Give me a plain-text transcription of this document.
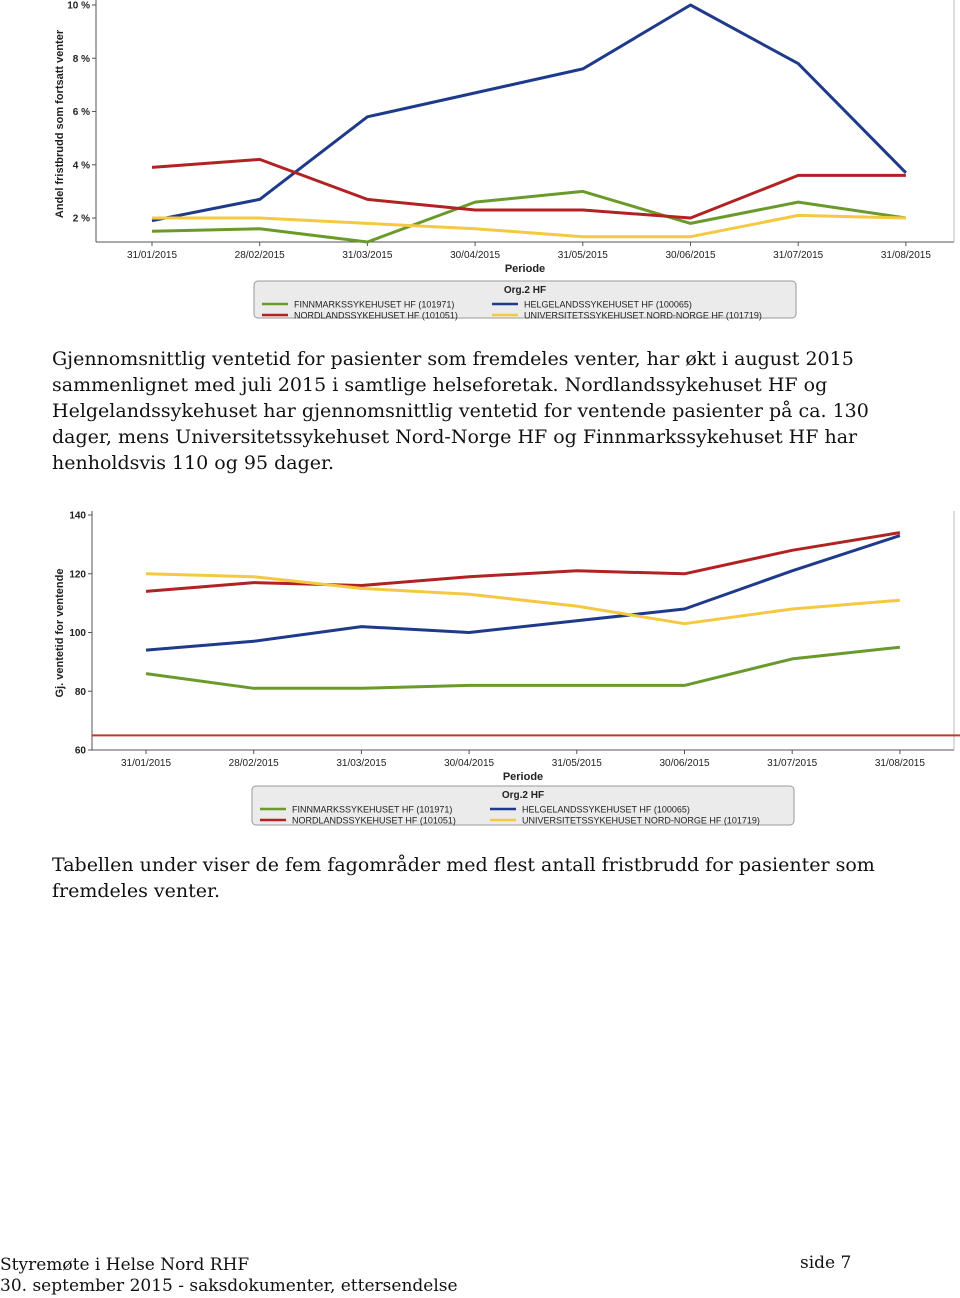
2 %
4 %
6 %
8 %
10 %
31/01/2015	28/02/2015	31/03/2015	30/04/2015	31/05/2015	30/06/2015	31/07/2015	31/08/2015
Periode
Andel fristbrudd som fortsatt venter
Org.2 HF
FINNMARKSSYKEHUSET HF (101971)	HELGELANDSSYKEHUSET HF (100065)
NORDLANDSSYKEHUSET HF (101051)	UNIVERSITETSSYKEHUSET NORD-NORGE HF (101719)

Gjennomsnittlig ventetid for pasienter som fremdeles venter, har økt i august 2015 sammenlignet med juli 2015 i samtlige helseforetak. Nordlandssykehuset HF og Helgelandssykehuset har gjennomsnittlig ventetid for ventende pasienter på ca. 130 dager, mens Universitetssykehuset Nord-Norge HF og Finnmarkssykehuset HF har henholdsvis 110 og 95 dager.

60
80
100
120
140
31/01/2015	28/02/2015	31/03/2015	30/04/2015	31/05/2015	30/06/2015	31/07/2015	31/08/2015
Periode
Gj. ventetid for ventende
Org.2 HF
FINNMARKSSYKEHUSET HF (101971)	HELGELANDSSYKEHUSET HF (100065)
NORDLANDSSYKEHUSET HF (101051)	UNIVERSITETSSYKEHUSET NORD-NORGE HF (101719)

Tabellen under viser de fem fagområder med flest antall fristbrudd for pasienter som fremdeles venter.

Styremøte i Helse Nord RHF
30. september 2015 - saksdokumenter, ettersendelse
side 7
